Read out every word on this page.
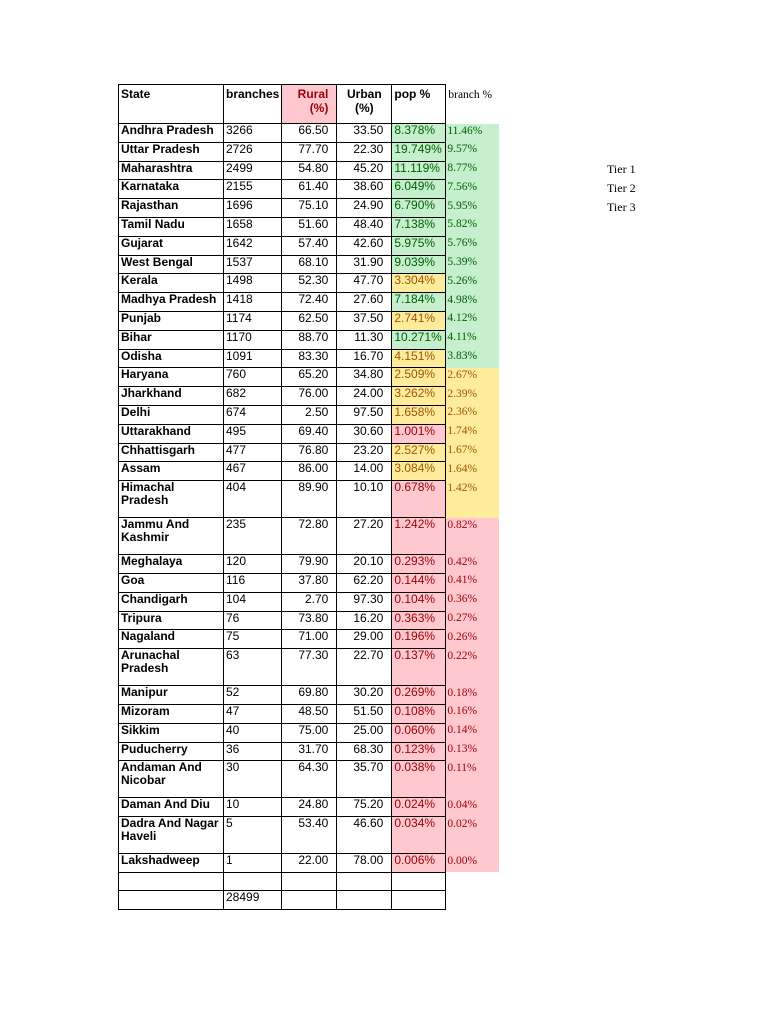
State	branches	Rural (%)	Urban (%)	pop %	branch %
Andhra Pradesh	3266	66.50	33.50	8.378%	11.46%
Uttar Pradesh	2726	77.70	22.30	19.749%	9.57%
Maharashtra	2499	54.80	45.20	11.119%	8.77%
Karnataka	2155	61.40	38.60	6.049%	7.56%
Rajasthan	1696	75.10	24.90	6.790%	5.95%
Tamil Nadu	1658	51.60	48.40	7.138%	5.82%
Gujarat	1642	57.40	42.60	5.975%	5.76%
West Bengal	1537	68.10	31.90	9.039%	5.39%
Kerala	1498	52.30	47.70	3.304%	5.26%
Madhya Pradesh	1418	72.40	27.60	7.184%	4.98%
Punjab	1174	62.50	37.50	2.741%	4.12%
Bihar	1170	88.70	11.30	10.271%	4.11%
Odisha	1091	83.30	16.70	4.151%	3.83%
Haryana	760	65.20	34.80	2.509%	2.67%
Jharkhand	682	76.00	24.00	3.262%	2.39%
Delhi	674	2.50	97.50	1.658%	2.36%
Uttarakhand	495	69.40	30.60	1.001%	1.74%
Chhattisgarh	477	76.80	23.20	2.527%	1.67%
Assam	467	86.00	14.00	3.084%	1.64%
Himachal Pradesh	404	89.90	10.10	0.678%	1.42%
Jammu And Kashmir	235	72.80	27.20	1.242%	0.82%
Meghalaya	120	79.90	20.10	0.293%	0.42%
Goa	116	37.80	62.20	0.144%	0.41%
Chandigarh	104	2.70	97.30	0.104%	0.36%
Tripura	76	73.80	16.20	0.363%	0.27%
Nagaland	75	71.00	29.00	0.196%	0.26%
Arunachal Pradesh	63	77.30	22.70	0.137%	0.22%
Manipur	52	69.80	30.20	0.269%	0.18%
Mizoram	47	48.50	51.50	0.108%	0.16%
Sikkim	40	75.00	25.00	0.060%	0.14%
Puducherry	36	31.70	68.30	0.123%	0.13%
Andaman And Nicobar	30	64.30	35.70	0.038%	0.11%
Daman And Diu	10	24.80	75.20	0.024%	0.04%
Dadra And Nagar Haveli	5	53.40	46.60	0.034%	0.02%
Lakshadweep	1	22.00	78.00	0.006%	0.00%

	28499				
Tier 1
Tier 2
Tier 3
